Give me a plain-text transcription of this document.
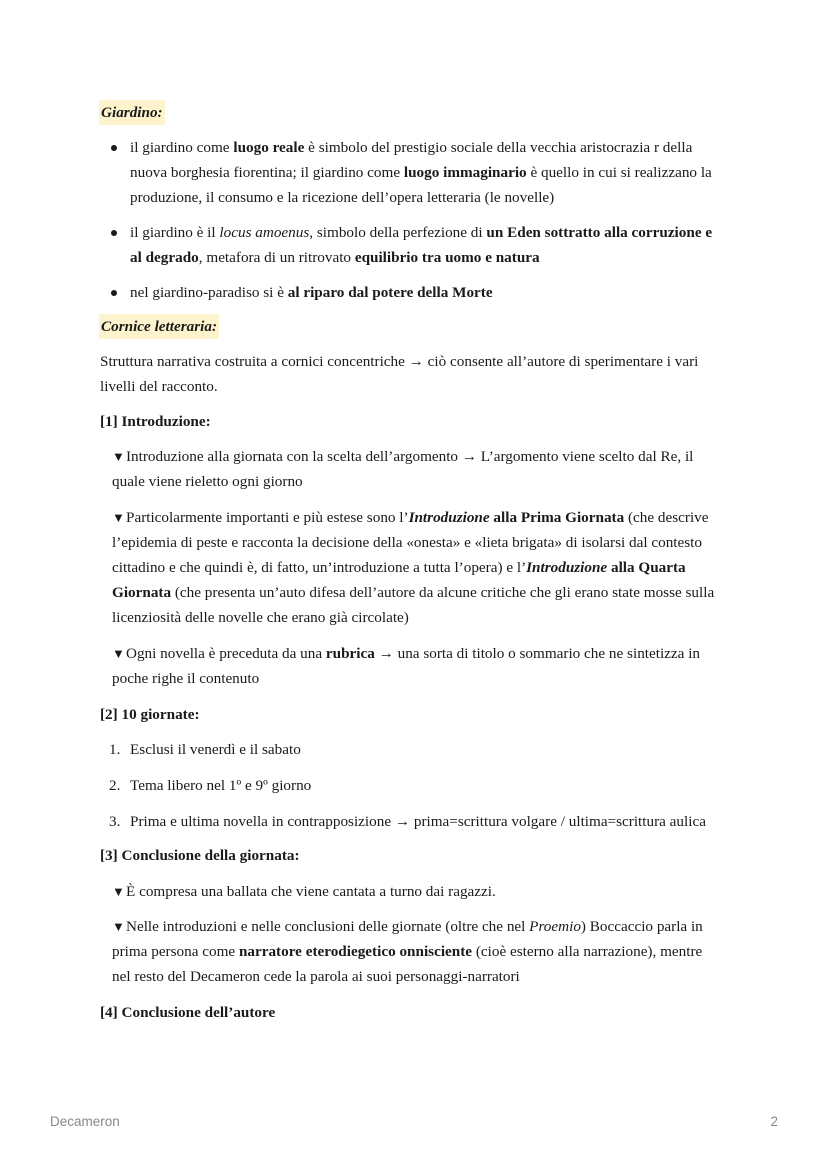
Giardino:
il giardino come luogo reale è simbolo del prestigio sociale della vecchia aristocrazia r della nuova borghesia fiorentina; il giardino come luogo immaginario è quello in cui si realizzano la produzione, il consumo e la ricezione dell’opera letteraria (le novelle)
il giardino è il locus amoenus, simbolo della perfezione di un Eden sottratto alla corruzione e al degrado, metafora di un ritrovato equilibrio tra uomo e natura
nel giardino-paradiso si è al riparo dal potere della Morte
Cornice letteraria:

Struttura narrativa costruita a cornici concentriche → ciò consente all’autore di sperimentare i vari livelli del racconto.

[1] Introduzione:

▼Introduzione alla giornata con la scelta dell’argomento → L’argomento viene scelto dal Re, il quale viene rieletto ogni giorno

▼Particolarmente importanti e più estese sono l’Introduzione alla Prima Giornata (che descrive l’epidemia di peste e racconta la decisione della «onesta» e «lieta brigata» di isolarsi dal contesto cittadino e che quindi è, di fatto, un’introduzione a tutta l’opera) e l’Introduzione alla Quarta Giornata (che presenta un’auto difesa dell’autore da alcune critiche che gli erano state mosse sulla licenziosità delle novelle che erano già circolate)

▼Ogni novella è preceduta da una rubrica → una sorta di titolo o sommario che ne sintetizza in poche righe il contenuto

[2] 10 giornate:

1. Esclusi il venerdì e il sabato
2. Tema libero nel 1º e 9º giorno
3. Prima e ultima novella in contrapposizione → prima=scrittura volgare / ultima=scrittura aulica

[3] Conclusione della giornata:

▼È compresa una ballata che viene cantata a turno dai ragazzi.

▼Nelle introduzioni e nelle conclusioni delle giornate (oltre che nel Proemio) Boccaccio parla in prima persona come narratore eterodiegetico onnisciente (cioè esterno alla narrazione), mentre nel resto del Decameron cede la parola ai suoi personaggi-narratori

[4] Conclusione dell’autore

Decameron	2
